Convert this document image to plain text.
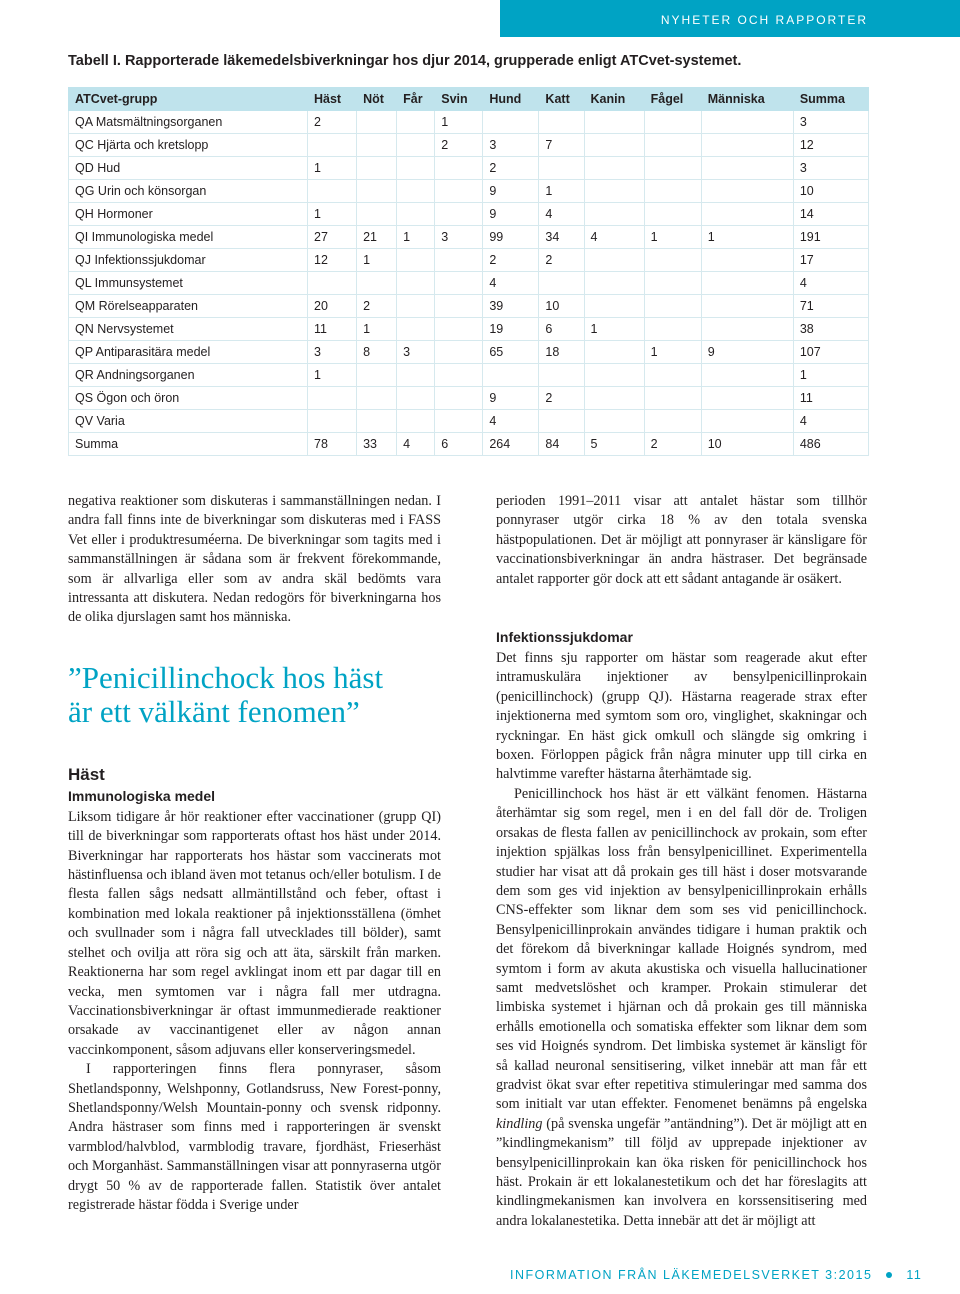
NYHETER OCH RAPPORTER

Tabell I. Rapporterade läkemedelsbiverkningar hos djur 2014, grupperade enligt ATCvet-systemet.

ATCvet-grupp	Häst	Nöt	Får	Svin	Hund	Katt	Kanin	Fågel	Människa	Summa
QA Matsmältningsorganen	2			1						3
QC Hjärta och kretslopp				2	3	7				12
QD Hud	1				2					3
QG Urin och könsorgan					9	1				10
QH Hormoner	1				9	4				14
QI Immunologiska medel	27	21	1	3	99	34	4	1	1	191
QJ Infektionssjukdomar	12	1			2	2				17
QL Immunsystemet					4					4
QM Rörelseapparaten	20	2			39	10				71
QN Nervsystemet	11	1			19	6	1			38
QP Antiparasitära medel	3	8	3		65	18		1	9	107
QR Andningsorganen	1									1
QS Ögon och öron					9	2				11
QV Varia					4					4
Summa	78	33	4	6	264	84	5	2	10	486

negativa reaktioner som diskuteras i sammanställningen nedan. I andra fall finns inte de biverkningar som diskuteras med i FASS Vet eller i produktresuméerna. De biverkningar som tagits med i sammanställningen är sådana som är frekvent förekommande, som är allvarliga eller som av andra skäl bedömts vara intressanta att diskutera. Nedan redogörs för biverkningarna hos de olika djurslagen samt hos människa.

”Penicillinchock hos häst
är ett välkänt fenomen”
Häst
Immunologiska medel

Liksom tidigare år hör reaktioner efter vaccinationer (grupp QI) till de biverkningar som rapporterats oftast hos häst under 2014. Biverkningar har rapporterats hos hästar som vaccinerats mot hästinfluensa och ibland även mot tetanus och/eller botulism. I de flesta fallen sågs nedsatt allmäntillstånd och feber, oftast i kombination med lokala reaktioner på injektionsställena (ömhet och svullnader som i några fall utvecklades till bölder), samt stelhet och ovilja att röra sig och att äta, särskilt från marken. Reaktionerna har som regel avklingat inom ett par dagar till en vecka, men symtomen var i några fall mer utdragna. Vaccinationsbiverkningar är oftast immunmedierade reaktioner orsakade av vaccinantigenet eller av någon annan vaccinkomponent, såsom adjuvans eller konserveringsmedel.

I rapporteringen finns flera ponnyraser, såsom Shetlandsponny, Welshponny, Gotlandsruss, New Forest-ponny, Shetlandsponny/Welsh Mountain-ponny och svensk ridponny. Andra hästraser som finns med i rapporteringen är svenskt varmblod/halvblod, varmblodig travare, fjordhäst, Frieserhäst och Morganhäst. Sammanställningen visar att ponnyraserna utgör drygt 50 % av de rapporterade fallen. Statistik över antalet registrerade hästar födda i Sverige under

perioden 1991–2011 visar att antalet hästar som tillhör ponnyraser utgör cirka 18 % av den totala svenska hästpopulationen. Det är möjligt att ponnyraser är känsligare för vaccinationsbiverkningar än andra hästraser. Det begränsade antalet rapporter gör dock att ett sådant antagande är osäkert.

Infektionssjukdomar

Det finns sju rapporter om hästar som reagerade akut efter intramuskulära injektioner av bensylpenicillinprokain (penicillinchock) (grupp QJ). Hästarna reagerade strax efter injektionerna med symtom som oro, vinglighet, skakningar och ryckningar. En häst gick omkull och slängde sig omkring i boxen. Förloppen pågick från några minuter upp till cirka en halvtimme varefter hästarna återhämtade sig.

Penicillinchock hos häst är ett välkänt fenomen. Hästarna återhämtar sig som regel, men i en del fall dör de. Troligen orsakas de flesta fallen av penicillinchock av prokain, som efter injektion spjälkas loss från bensylpenicillinet. Experimentella studier har visat att då prokain ges till häst i doser motsvarande dem som ges vid injektion av bensylpenicillinprokain erhålls CNS-effekter som liknar dem som ses vid penicillinchock. Bensylpenicillinprokain användes tidigare i human praktik och det förekom då biverkningar kallade Hoignés syndrom, med symtom i form av akuta akustiska och visuella hallucinationer samt medvetslöshet och kramper. Prokain stimulerar det limbiska systemet i hjärnan och då prokain ges till människa erhålls emotionella och somatiska effekter som liknar dem som ses vid Hoignés syndrom. Det limbiska systemet är känsligt för så kallad neuronal sensitisering, vilket innebär att man får ett gradvist ökat svar efter repetitiva stimuleringar med samma dos som initialt var utan effekter. Fenomenet benämns på engelska kindling (på svenska ungefär ”antändning”). Det är möjligt att en ”kindlingmekanism” till följd av upprepade injektioner av bensylpenicillinprokain kan öka risken för penicillinchock hos häst. Prokain är ett lokalanestetikum och det har föreslagits att kindlingmekanismen kan involvera en korssensitisering med andra lokalanestetika. Detta innebär att det är möjligt att

INFORMATION FRÅN LÄKEMEDELSVERKET 3:2015	11
